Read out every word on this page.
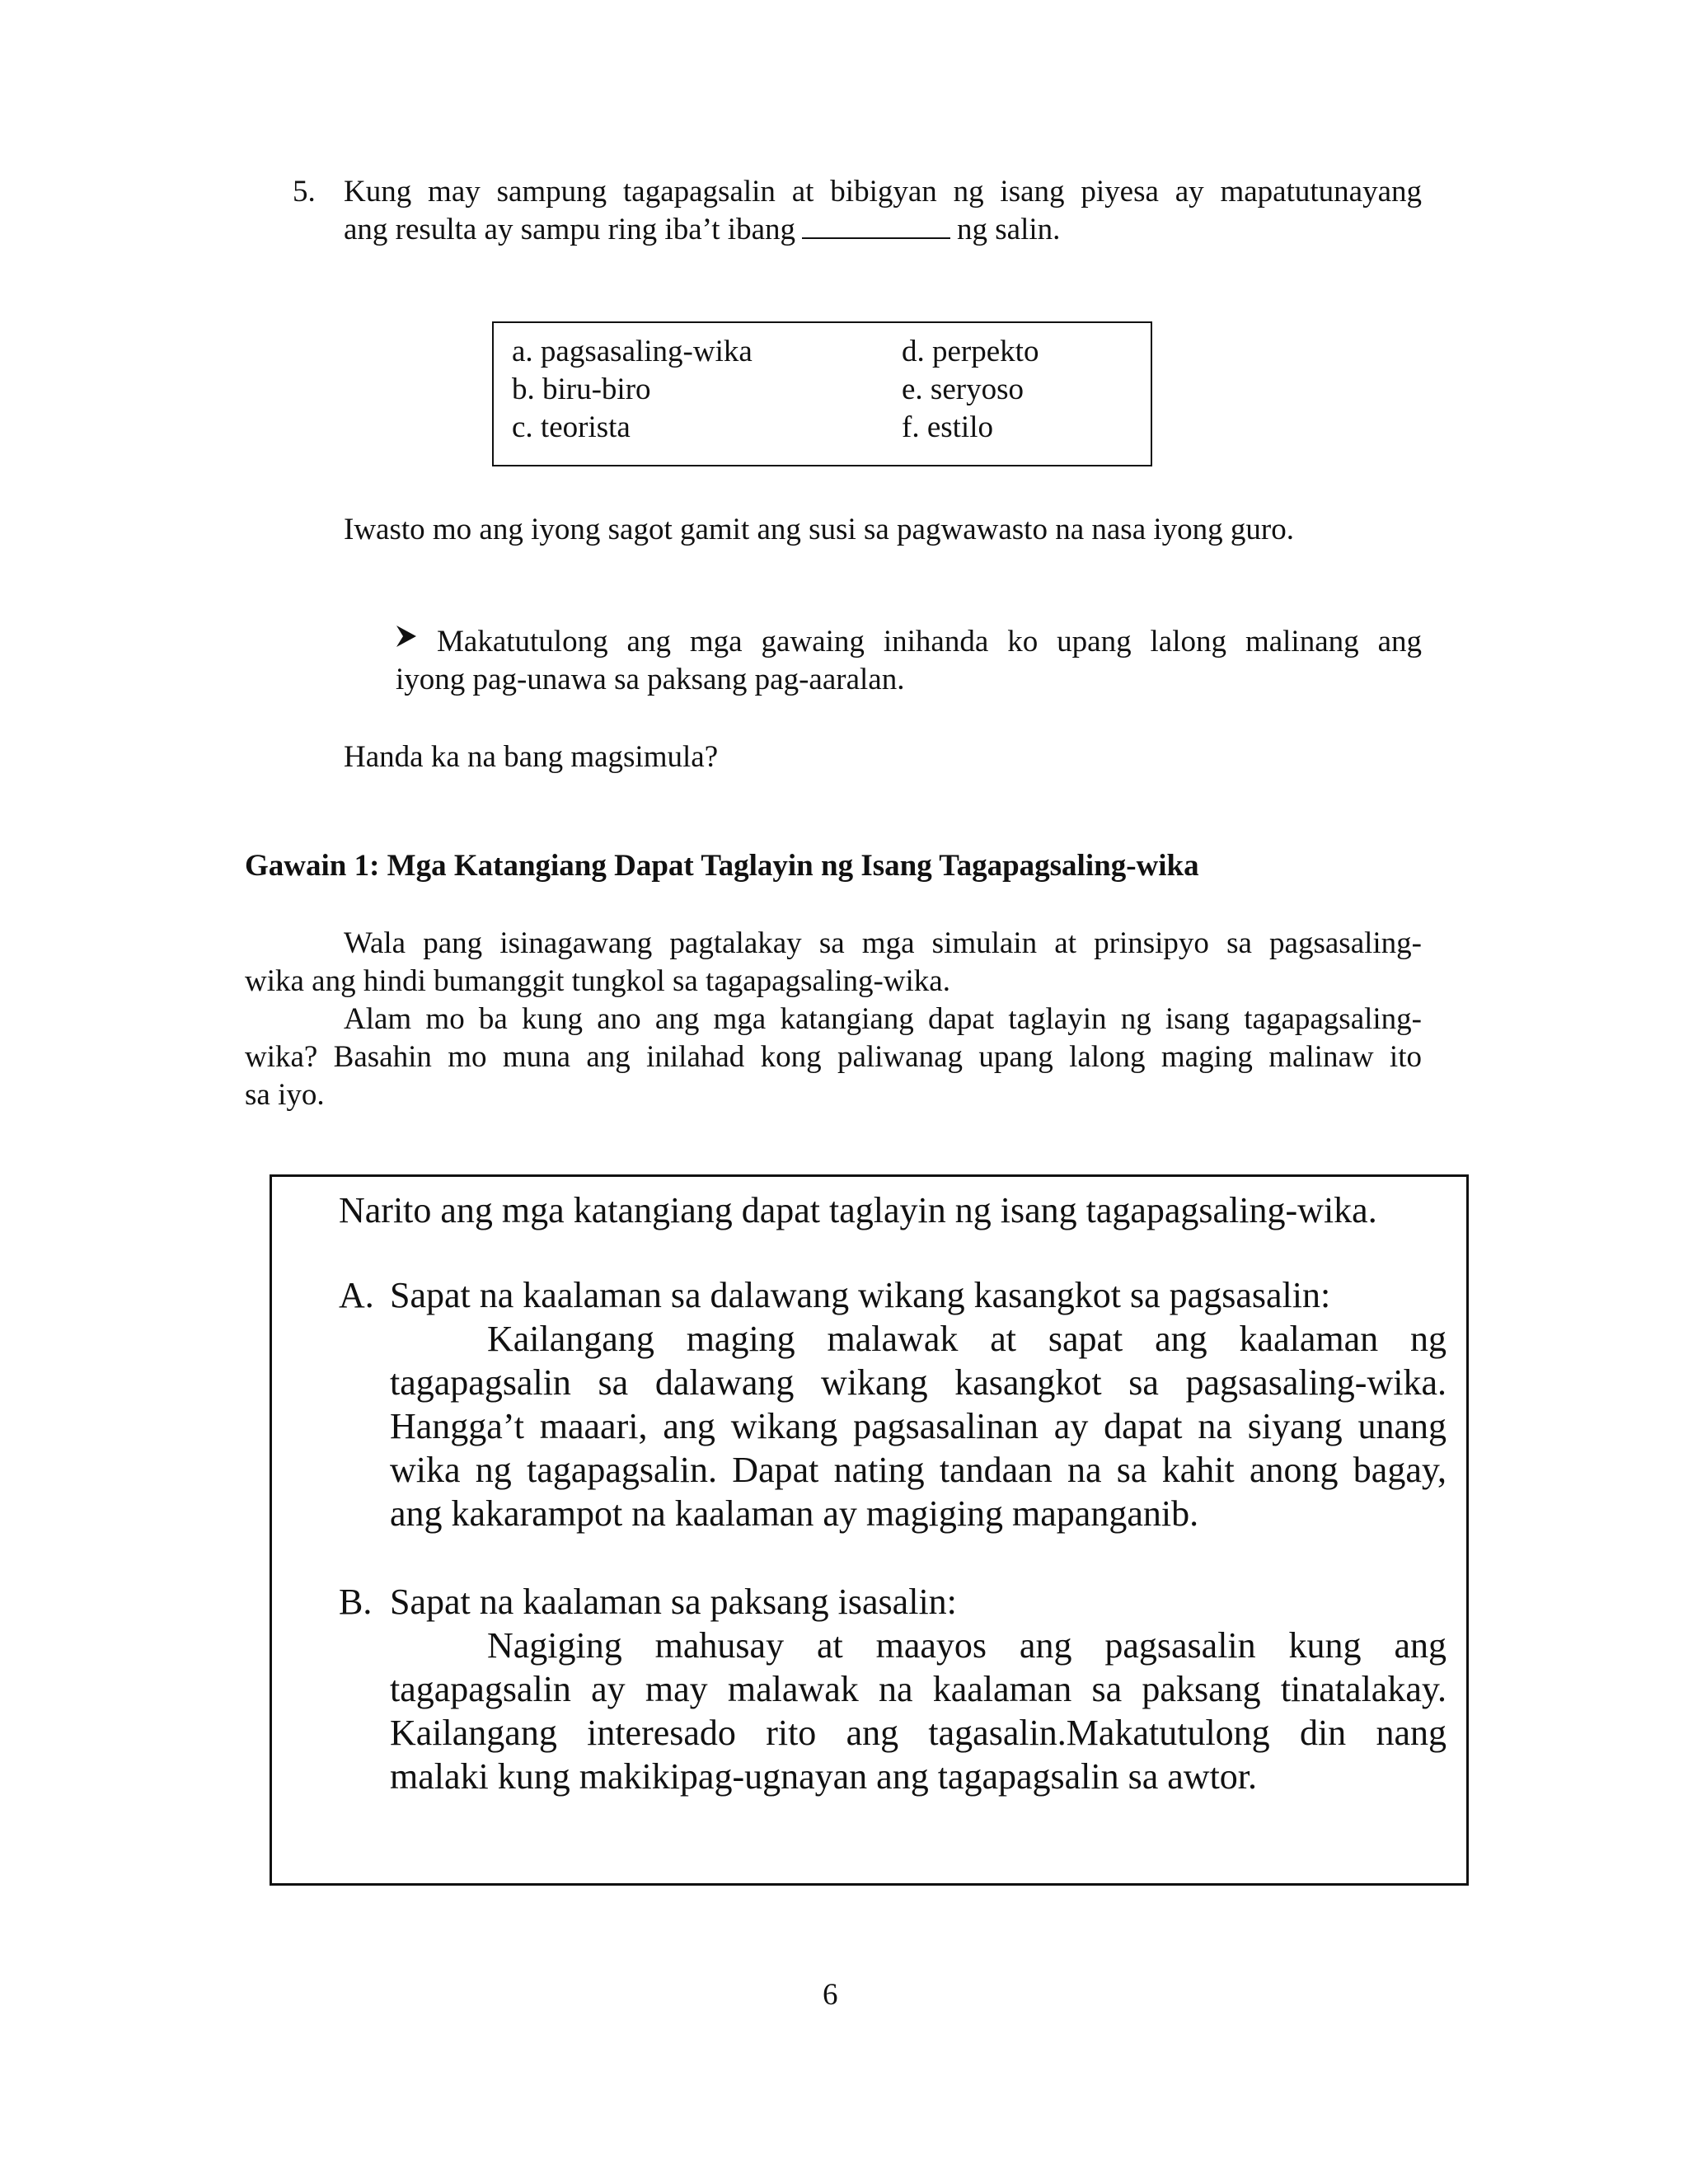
5. Kung may sampung tagapagsalin at bibigyan ng isang piyesa ay mapatutunayang
ang resulta ay sampu ring iba’t ibang	ng salin.
a. pagsasaling-wika
b. biru-biro
c. teorista
d. perpekto
e. seryoso
f. estilo
Iwasto mo ang iyong sagot gamit ang susi sa pagwawasto na nasa iyong guro.
Makatutulong ang mga gawaing inihanda ko upang lalong malinang ang
iyong pag-unawa sa paksang pag-aaralan.
Handa ka na bang magsimula?
Gawain 1: Mga Katangiang Dapat Taglayin ng Isang Tagapagsaling-wika
Wala pang isinagawang pagtalakay sa mga simulain at prinsipyo sa pagsasaling-
wika ang hindi bumanggit tungkol sa tagapagsaling-wika.
Alam mo ba kung ano ang mga katangiang dapat taglayin ng isang tagapagsaling-
wika? Basahin mo muna ang inilahad kong paliwanag upang lalong maging malinaw ito
sa iyo.
Narito ang mga katangiang dapat taglayin ng isang tagapagsaling-wika.
A. Sapat na kaalaman sa dalawang wikang kasangkot sa pagsasalin:
Kailangang maging malawak at sapat ang kaalaman ng
tagapagsalin sa dalawang wikang kasangkot sa pagsasaling-wika.
Hangga’t maaari, ang wikang pagsasalinan ay dapat na siyang unang
wika ng tagapagsalin. Dapat nating tandaan na sa kahit anong bagay,
ang kakarampot na kaalaman ay magiging mapanganib.
B. Sapat na kaalaman sa paksang isasalin:
Nagiging mahusay at maayos ang pagsasalin kung ang
tagapagsalin ay may malawak na kaalaman sa paksang tinatalakay.
Kailangang interesado rito ang tagasalin.Makatutulong din nang
malaki kung makikipag-ugnayan ang tagapagsalin sa awtor.
6
